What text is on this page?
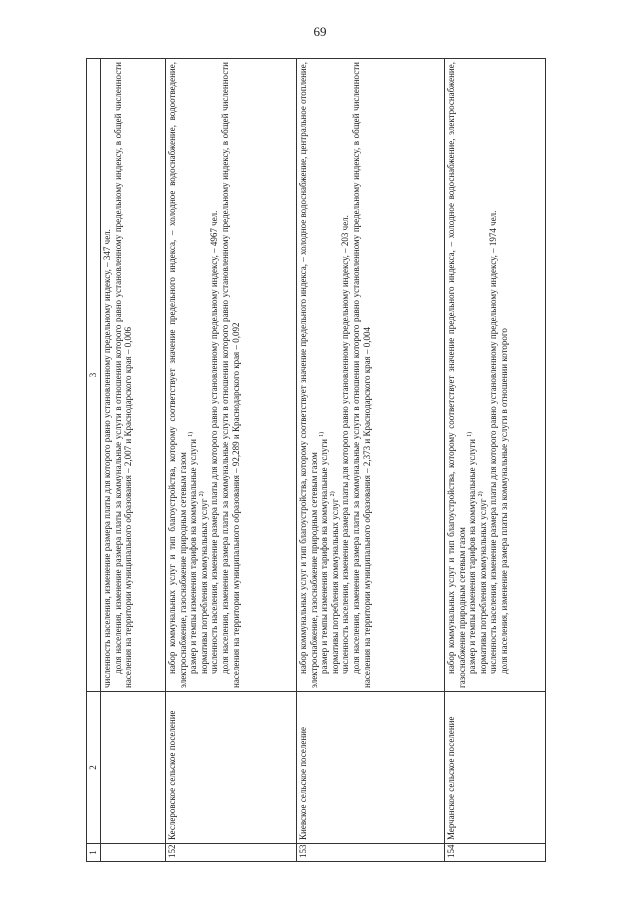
69
1	2	3

		численность населения, изменение размера платы для которого равно установленному предельному индексу, – 347 чел. доля населения, изменение размера платы за коммунальные услуги в отношении которого равно установленному предельному индексу, в общей численности населения на территории муниципального образования – 2,007 и Краснодарского края – 0,006

152	Кеслеровское сельское поселение	набор коммунальных услуг и тип благоустройства, которому соответствует значение предельного индекса, – холодное водоснабжение, водоотведение, электроснабжение, газоснабжение природным сетевым газом размер и темпы изменения тарифов на коммунальные услуги $^{1)}$

нормативы потребления коммунальных услуг $^{2)}$ численность населения, изменение размера платы для которого равно установленному предельному индексу, – 4967 чел. доля населения, изменение размера платы за коммунальные услуги в отношении которого равно установленному предельному индексу, в общей численности населения на территории муниципального образования – 92,289 и Краснодарского края – 0,092

153	Киевское сельское поселение	набор коммунальных услуг и тип благоустройства, которому соответствует значение предельного индекса, – холодное водоснабжение, центральное отопление, электроснабжение, газоснабжение природным сетевым газом размер и темпы изменения тарифов на коммунальные услуги $^{1)}$

нормативы потребления коммунальных услуг $^{2)}$ численность населения, изменение размера платы для которого равно установленному предельному индексу, – 203 чел. доля населения, изменение размера платы за коммунальные услуги в отношении которого равно установленному предельному индексу, в общей численности населения на территории муниципального образования – 2,373 и Краснодарского края – 0,004

154	Мерчанское сельское поселение	набор коммунальных услуг и тип благоустройства, которому соответствует значение предельного индекса, – холодное водоснабжение, электроснабжение, газоснабжение природным сетевым газом размер и темпы изменения тарифов на коммунальные услуги $^{1)}$

нормативы потребления коммунальных услуг $^{2)}$ численность населения, изменение размера платы для которого равно установленному предельному индексу, – 1974 чел. доля населения, изменение размера платы за коммунальные услуги в отношении которого
